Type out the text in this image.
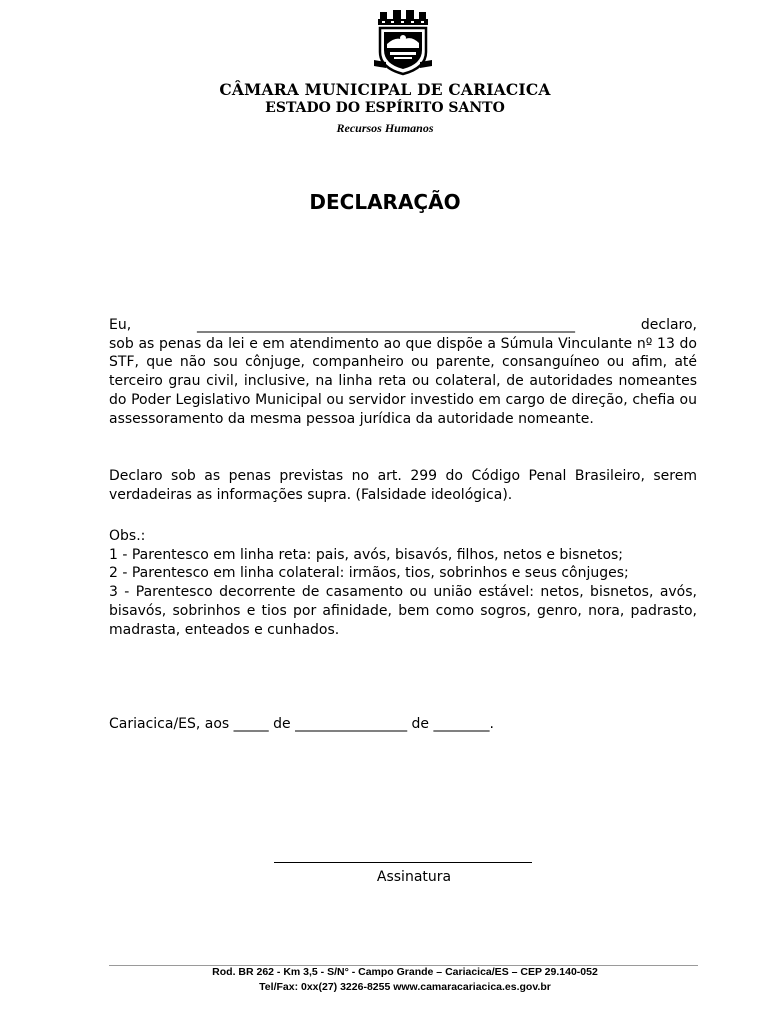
CÂMARA MUNICIPAL DE CARIACICA
ESTADO DO ESPÍRITO SANTO
Recursos Humanos
DECLARAÇÃO
Eu, ______________________________________________________ declaro,
sob as penas da lei e em atendimento ao que dispõe a Súmula Vinculante nº 13 do STF, que não sou cônjuge, companheiro ou parente, consanguíneo ou afim, até terceiro grau civil, inclusive, na linha reta ou colateral, de autoridades nomeantes do Poder Legislativo Municipal ou servidor investido em cargo de direção, chefia ou assessoramento da mesma pessoa jurídica da autoridade nomeante.
Declaro sob as penas previstas no art. 299 do Código Penal Brasileiro, serem verdadeiras as informações supra. (Falsidade ideológica).
Obs.:
1 - Parentesco em linha reta: pais, avós, bisavós, filhos, netos e bisnetos;
2 - Parentesco em linha colateral: irmãos, tios, sobrinhos e seus cônjuges;
3 - Parentesco decorrente de casamento ou união estável: netos, bisnetos, avós, bisavós, sobrinhos e tios por afinidade, bem como sogros, genro, nora, padrasto, madrasta, enteados e cunhados.
Cariacica/ES, aos _____ de ________________ de ________.
Assinatura
Rod. BR 262 - Km 3,5 - S/N° - Campo Grande – Cariacica/ES – CEP 29.140-052
Tel/Fax: 0xx(27) 3226-8255 www.camaracariacica.es.gov.br
